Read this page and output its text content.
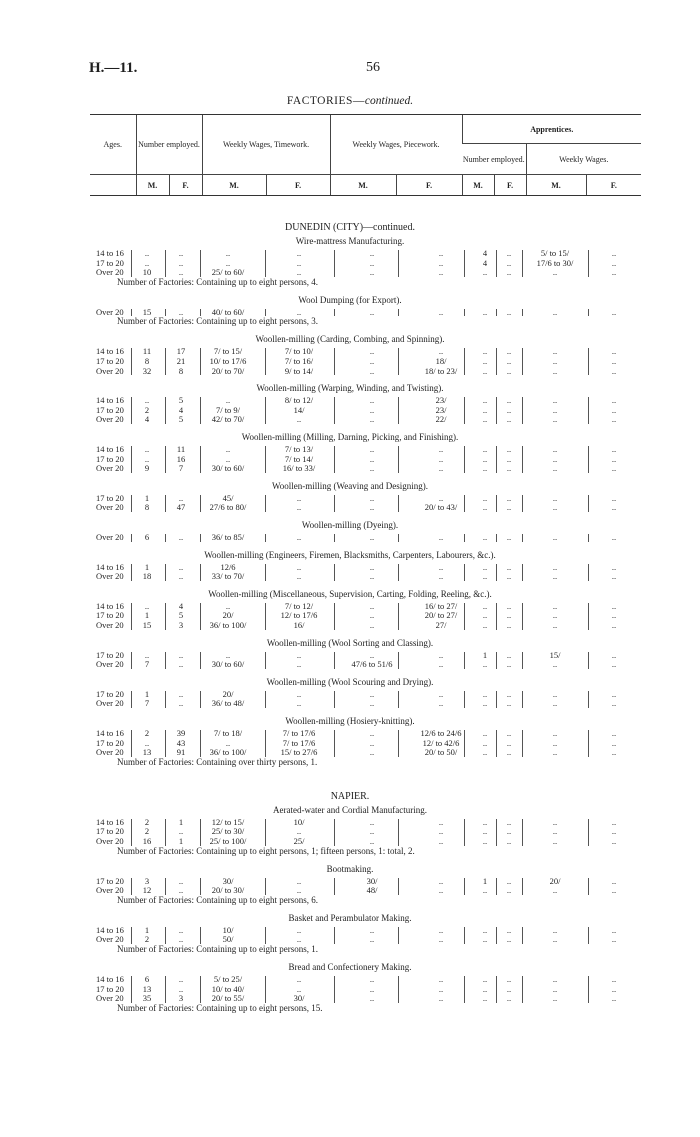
H.—11.	56
FACTORIES—continued.
Ages.	Number employed.		Weekly Wages, Timework.		Weekly Wages, Piecework.		Apprentices.			
							Number employed.		Weekly Wages.	
	M.	F.	M.	F.	M.	F.	M.	F.	M.	F.
DUNEDIN (CITY)—continued.
Wire-mattress Manufacturing.
14 to 16	..	..	..	..	..	..	4	..	5/ to 15/	..
17 to 20	..	..	..	..	..	..	4	..	17/6 to 30/	..
Over 20	10	..	25/ to 60/	..	..	..	..	..	..	..
Number of Factories: Containing up to eight persons, 4.
Wool Dumping (for Export).
Over 20	15	..	40/ to 60/	..	..	..	..	..	..	..
Number of Factories: Containing up to eight persons, 3.
Woollen-milling (Carding, Combing, and Spinning).
14 to 16	11	17	7/ to 15/	7/ to 10/	..	..	..	..	..	..
17 to 20	8	21	10/ to 17/6	7/ to 16/	..	18/	..	..	..	..
Over 20	32	8	20/ to 70/	9/ to 14/	..	18/ to 23/	..	..	..	..
Woollen-milling (Warping, Winding, and Twisting).
14 to 16	..	5	..	8/ to 12/	..	23/	..	..	..	..
17 to 20	2	4	7/ to 9/	14/	..	23/	..	..	..	..
Over 20	4	5	42/ to 70/	..	..	22/	..	..	..	..
Woollen-milling (Milling, Darning, Picking, and Finishing).
14 to 16	..	11	..	7/ to 13/	..	..	..	..	..	..
17 to 20	..	16	..	7/ to 14/	..	..	..	..	..	..
Over 20	9	7	30/ to 60/	16/ to 33/	..	..	..	..	..	..
Woollen-milling (Weaving and Designing).
17 to 20	1	..	45/	..	..	..	..	..	..	..
Over 20	8	47	27/6 to 80/	..	..	20/ to 43/	..	..	..	..
Woollen-milling (Dyeing).
Over 20	6	..	36/ to 85/	..	..	..	..	..	..	..
Woollen-milling (Engineers, Firemen, Blacksmiths, Carpenters, Labourers, &c.).
14 to 16	1	..	12/6	..	..	..	..	..	..	..
Over 20	18	..	33/ to 70/	..	..	..	..	..	..	..
Woollen-milling (Miscellaneous, Supervision, Carting, Folding, Reeling, &c.).
14 to 16	..	4	..	7/ to 12/	..	16/ to 27/	..	..	..	..
17 to 20	1	5	20/	12/ to 17/6	..	20/ to 27/	..	..	..	..
Over 20	15	3	36/ to 100/	16/	..	27/	..	..	..	..
Woollen-milling (Wool Sorting and Classing).
17 to 20	..	..	..	..	..	..	1	..	15/	..
Over 20	7	..	30/ to 60/	..	47/6 to 51/6	..	..	..	..	..
Woollen-milling (Wool Scouring and Drying).
17 to 20	1	..	20/	..	..	..	..	..	..	..
Over 20	7	..	36/ to 48/	..	..	..	..	..	..	..
Woollen-milling (Hosiery-knitting).
14 to 16	2	39	7/ to 18/	7/ to 17/6	..	12/6 to 24/6	..	..	..	..
17 to 20	..	43	..	7/ to 17/6	..	12/ to 42/6	..	..	..	..
Over 20	13	91	36/ to 100/	15/ to 27/6	..	20/ to 50/	..	..	..	..
Number of Factories: Containing over thirty persons, 1.
NAPIER.
Aerated-water and Cordial Manufacturing.
14 to 16	2	1	12/ to 15/	10/	..	..	..	..	..	..
17 to 20	2	..	25/ to 30/	..	..	..	..	..	..	..
Over 20	16	1	25/ to 100/	25/	..	..	..	..	..	..
Number of Factories: Containing up to eight persons, 1; fifteen persons, 1: total, 2.
Bootmaking.
17 to 20	3	..	30/	..	30/	..	1	..	20/	..
Over 20	12	..	20/ to 30/	..	48/	..	..	..	..	..
Number of Factories: Containing up to eight persons, 6.
Basket and Perambulator Making.
14 to 16	1	..	10/	..	..	..	..	..	..	..
Over 20	2	..	50/	..	..	..	..	..	..	..
Number of Factories: Containing up to eight persons, 1.
Bread and Confectionery Making.
14 to 16	6	..	5/ to 25/	..	..	..	..	..	..	..
17 to 20	13	..	10/ to 40/	..	..	..	..	..	..	..
Over 20	35	3	20/ to 55/	30/	..	..	..	..	..	..
Number of Factories: Containing up to eight persons, 15.
